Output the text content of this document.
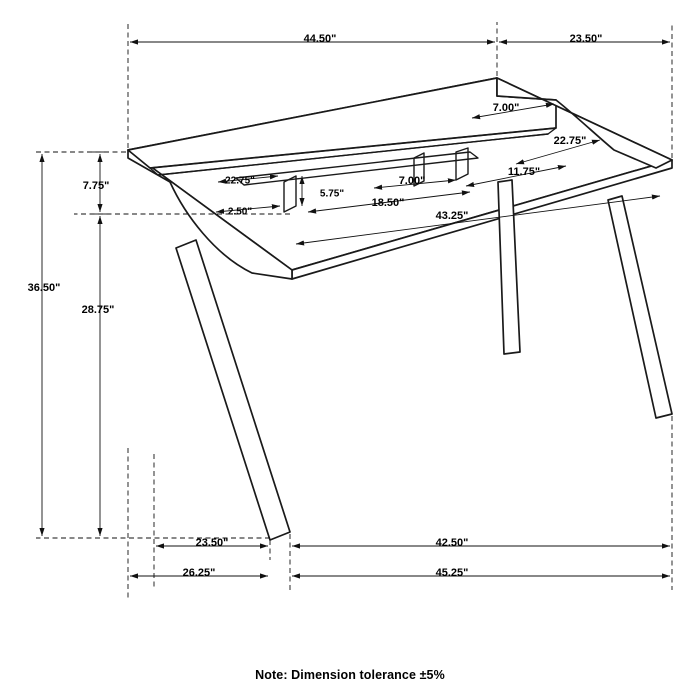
44.50"	23.50"
7.00"
22.75"
22.75"
2.50"
5.75"
7.00"
11.75"
18.50"
43.25"
7.75"
36.50"
28.75"
23.50"	42.50"
26.25"	45.25"
Note: Dimension tolerance ±5%
